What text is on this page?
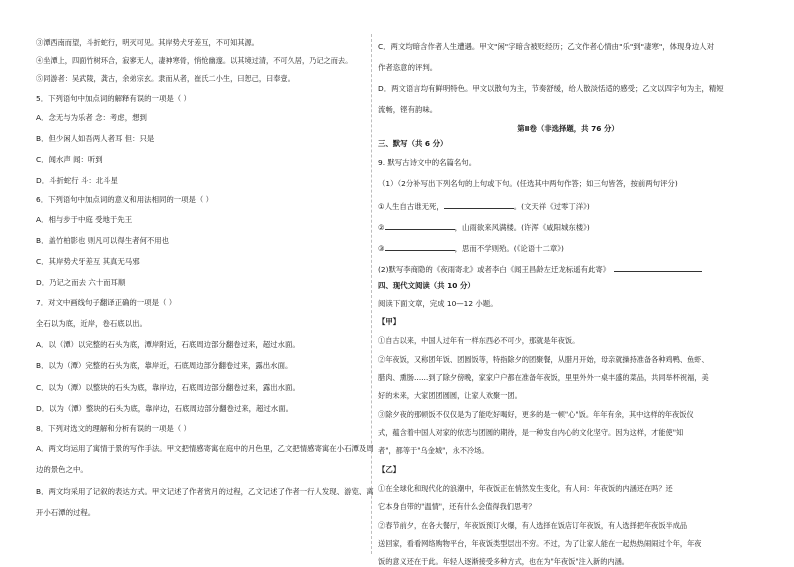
③潭西南而望，斗折蛇行，明灭可见。其岸势犬牙差互，不可知其源。
④坐潭上，四面竹树环合，寂寥无人，凄神寒骨，悄怆幽邃。以其境过清，不可久居，乃记之而去。
⑤同游者：吴武陵，龚古，余弟宗玄。隶而从者，崔氏二小生，曰恕己，曰奉壹。
5．下列语句中加点词的解释有误的一项是（ ）
A．念无与为乐者 念：考虑，想到
B．但少闲人如吾两人者耳 但：只是
C．闻水声 闻：听到
D．斗折蛇行 斗：北斗星
6．下列语句中加点词的意义和用法相同的一项是（ ）
A．相与步于中庭 受地于先王
B．盖竹柏影也 则凡可以得生者何不用也
C．其岸势犬牙差互 其真无马邪
D．乃记之而去 六十而耳顺
7．对文中画线句子翻译正确的一项是（ ）
全石以为底，近岸，卷石底以出。
A．以（潭）以完整的石头为底，潭岸附近，石底周边部分翻卷过来，超过水面。
B．以为（潭）完整的石头为底，靠岸近，石底周边部分翻卷过来，露出水面。
C．以为（潭）以整块的石头为底，靠岸边，石底周边部分翻卷过来，露出水面。
D．以为（潭）整块的石头为底，靠岸边，石底周边部分翻卷过来，超过水面。
8．下列对选文的理解和分析有误的一项是（ ）
A．两文均运用了寓情于景的写作手法。甲文把情感寄寓在庭中的月色里，乙文把情感寄寓在小石潭及周
边的景色之中。
B．两文均采用了记叙的表达方式。甲文记述了作者赏月的过程，乙文记述了作者一行人发现、游览、离
开小石潭的过程。
C．两文均暗含作者人生遭遇。甲文"闲"字暗含被贬经历；乙文作者心情由"乐"到"凄寒"，体现身边人对
作者恣意的评判。
D．两文语言均有鲜明特色。甲文以散句为主，节奏舒缓，给人散淡恬适的感受；乙文以四字句为主，精短
流畅，铿有韵味。
第Ⅱ卷（非选择题，共 76 分）
三、默写（共 6 分）
9. 默写古诗文中的名篇名句。
（1）（2分补写出下列名句的上句或下句。(任选其中两句作答；如三句皆答，按前两句评分)
①人生自古谁无死，	。(文天祥《过零丁洋》)
②	，山雨欲来风满楼。(许浑《咸阳城东楼》)
③	，思而不学则殆。(《论语十二章》)
(2)默写李商隐的《夜雨寄北》或者李白《闻王昌龄左迁龙标遥有此寄》
四、现代文阅读（共 10 分）
阅读下面文章，完成 10—12 小题。
【甲】
①自古以来，中国人过年有一样东西必不可少，那就是年夜饭。
②年夜饭，又称团年饭、团圆饭等，特指除夕的团聚餐，从腊月开始，母亲就操持准备各种鸡鸭、鱼虾、
腊肉、熏肠……到了除夕傍晚，家家户户都在准备年夜饭，里里外外一桌丰盛的菜品，共同举杯祝福，美
好的未来，大家团团圆圆，让家人欢聚一团。
③除夕夜的那顿饭不仅仅是为了能吃好喝好，更多的是一顿"心"饭。年年有余，其中这样的年夜饭仪
式，蕴含着中国人对家的依恋与团圆的期待，是一种发自内心的文化坚守。因为这样，才能使"知
者"，都等于"乌金城"，永不冷场。
【乙】
①在全球化和现代化的浪潮中，年夜饭正在悄然发生变化，有人问：年夜饭的内涵还在吗？还
它本身自带的"温情"，还有什么会值得我们思考？
②春节前夕，在各大餐厅，年夜饭预订火爆，有人选择在饭店订年夜饭，有人选择把年夜饭半成品
送回家，看看网络购物平台，年夜饭类型层出不穷。不过，为了让家人能在一起热热闹闹过个年，年夜
饭的意义还在于此。年轻人逐渐接受多种方式，也在为"年夜饭"注入新的内涵。
